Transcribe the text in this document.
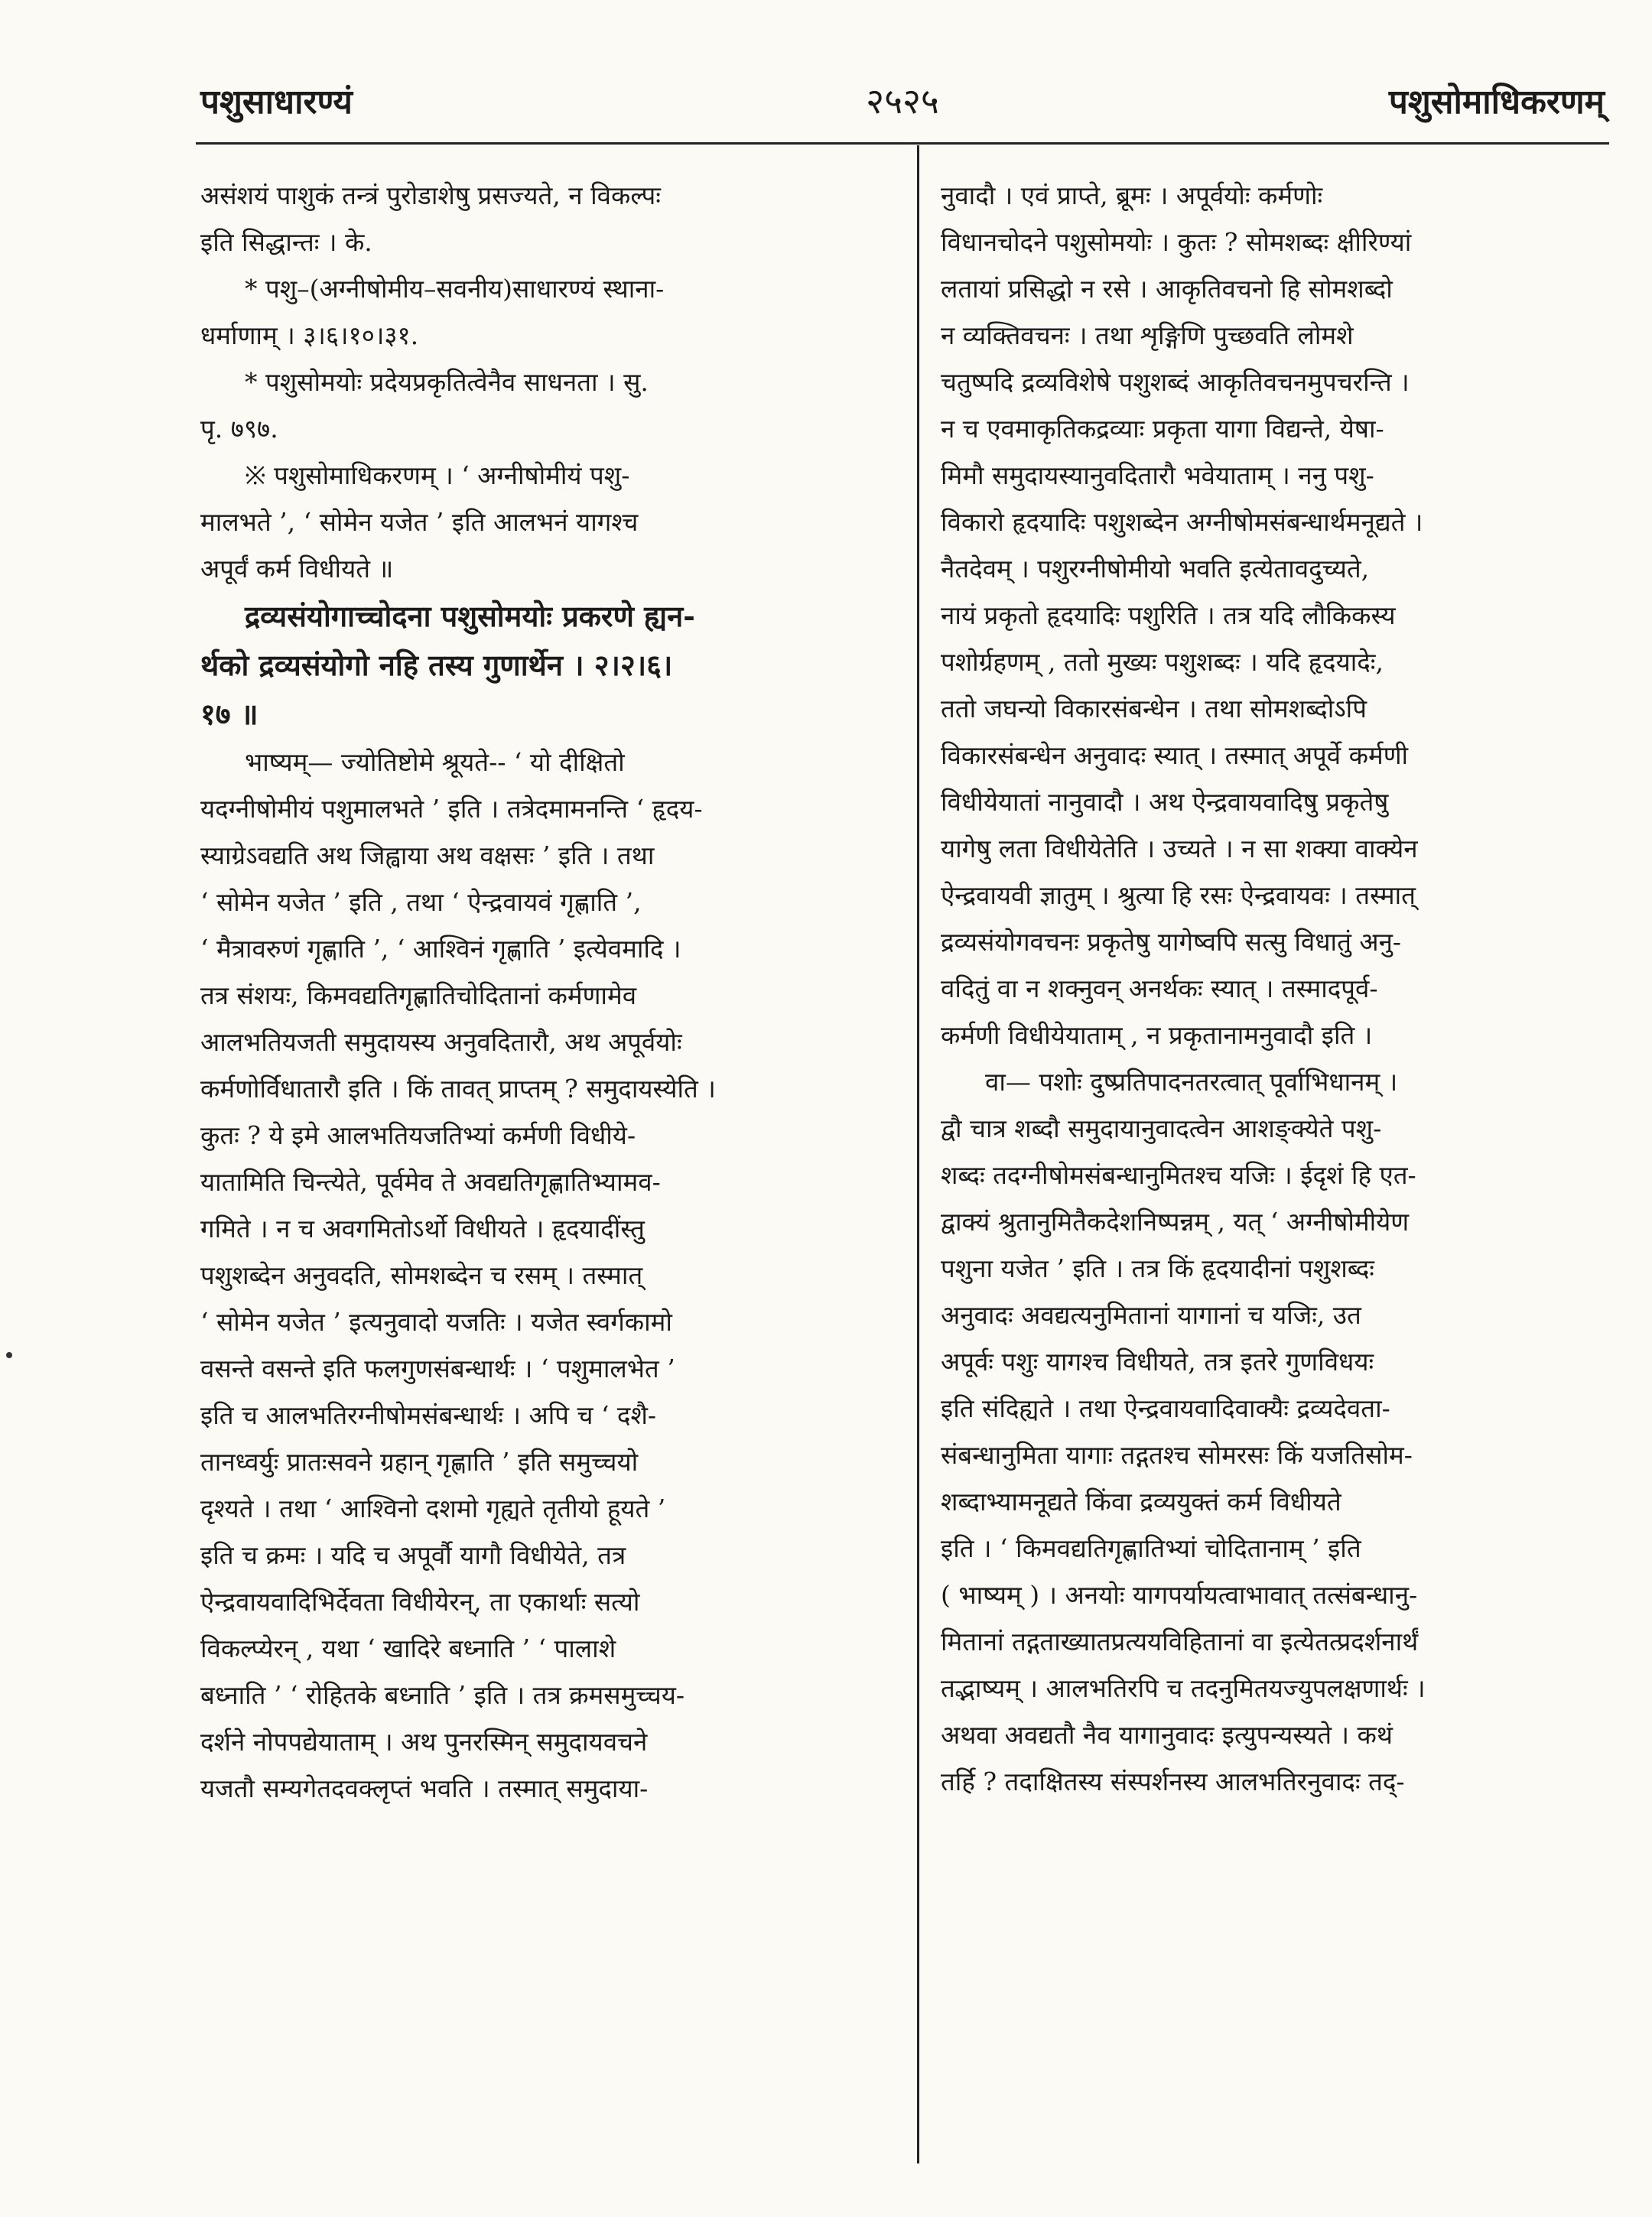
पशुसाधारण्यं	२५२५	पशुसोमाधिकरणम्
असंशयं पाशुकं तन्त्रं पुरोडाशेषु प्रसज्यते, न विकल्पः
इति सिद्धान्तः । के.
* पशु–(अग्नीषोमीय–सवनीय)साधारण्यं स्थाना-
धर्माणाम् । ३।६।१०।३१.
* पशुसोमयोः प्रदेयप्रकृतित्वेनैव साधनता । सु.
पृ. ७९७.
※ पशुसोमाधिकरणम् । ‘ अग्नीषोमीयं पशु-
मालभते ’, ‘ सोमेन यजेत ’ इति आलभनं यागश्च
अपूर्वं कर्म विधीयते ॥
द्रव्यसंयोगाच्चोदना पशुसोमयोः प्रकरणे ह्यन-
र्थको द्रव्यसंयोगो नहि तस्य गुणार्थेन । २।२।६।
१७ ॥
भाष्यम्— ज्योतिष्टोमे श्रूयते-- ‘ यो दीक्षितो
यदग्नीषोमीयं पशुमालभते ’ इति । तत्रेदमामनन्ति ‘ हृदय-
स्याग्रेऽवद्यति अथ जिह्वाया अथ वक्षसः ’ इति । तथा
‘ सोमेन यजेत ’ इति , तथा ‘ ऐन्द्रवायवं गृह्णाति ’,
‘ मैत्रावरुणं गृह्णाति ’, ‘ आश्विनं गृह्णाति ’ इत्येवमादि ।
तत्र संशयः, किमवद्यतिगृह्णातिचोदितानां कर्मणामेव
आलभतियजती समुदायस्य अनुवदितारौ, अथ अपूर्वयोः
कर्मणोर्विधातारौ इति । किं तावत् प्राप्तम् ? समुदायस्येति ।
कुतः ? ये इमे आलभतियजतिभ्यां कर्मणी विधीये-
यातामिति चिन्त्येते, पूर्वमेव ते अवद्यतिगृह्णातिभ्यामव-
गमिते । न च अवगमितोऽर्थो विधीयते । हृदयादींस्तु
पशुशब्देन अनुवदति, सोमशब्देन च रसम् । तस्मात्
‘ सोमेन यजेत ’ इत्यनुवादो यजतिः । यजेत स्वर्गकामो
वसन्ते वसन्ते इति फलगुणसंबन्धार्थः । ‘ पशुमालभेत ’
इति च आलभतिरग्नीषोमसंबन्धार्थः । अपि च ‘ दशै-
तानध्वर्युः प्रातःसवने ग्रहान् गृह्णाति ’ इति समुच्चयो
दृश्यते । तथा ‘ आश्विनो दशमो गृह्यते तृतीयो हूयते ’
इति च क्रमः । यदि च अपूर्वौ यागौ विधीयेते, तत्र
ऐन्द्रवायवादिभिर्देवता विधीयेरन्, ता एकार्थाः सत्यो
विकल्प्येरन् , यथा ‘ खादिरे बध्नाति ’ ‘ पालाशे
बध्नाति ’ ‘ रोहितके बध्नाति ’ इति । तत्र क्रमसमुच्चय-
दर्शने नोपपद्येयाताम् । अथ पुनरस्मिन् समुदायवचने
यजतौ सम्यगेतदवक्लृप्तं भवति । तस्मात् समुदाया-
नुवादौ । एवं प्राप्ते, ब्रूमः । अपूर्वयोः कर्मणोः
विधानचोदने पशुसोमयोः । कुतः ? सोमशब्दः क्षीरिण्यां
लतायां प्रसिद्धो न रसे । आकृतिवचनो हि सोमशब्दो
न व्यक्तिवचनः । तथा शृङ्गिणि पुच्छवति लोमशे
चतुष्पदि द्रव्यविशेषे पशुशब्दं आकृतिवचनमुपचरन्ति ।
न च एवमाकृतिकद्रव्याः प्रकृता यागा विद्यन्ते, येषा-
मिमौ समुदायस्यानुवदितारौ भवेयाताम् । ननु पशु-
विकारो हृदयादिः पशुशब्देन अग्नीषोमसंबन्धार्थमनूद्यते ।
नैतदेवम् । पशुरग्नीषोमीयो भवति इत्येतावदुच्यते,
नायं प्रकृतो हृदयादिः पशुरिति । तत्र यदि लौकिकस्य
पशोर्ग्रहणम् , ततो मुख्यः पशुशब्दः । यदि हृदयादेः,
ततो जघन्यो विकारसंबन्धेन । तथा सोमशब्दोऽपि
विकारसंबन्धेन अनुवादः स्यात् । तस्मात् अपूर्वे कर्मणी
विधीयेयातां नानुवादौ । अथ ऐन्द्रवायवादिषु प्रकृतेषु
यागेषु लता विधीयेतेति । उच्यते । न सा शक्या वाक्येन
ऐन्द्रवायवी ज्ञातुम् । श्रुत्या हि रसः ऐन्द्रवायवः । तस्मात्
द्रव्यसंयोगवचनः प्रकृतेषु यागेष्वपि सत्सु विधातुं अनु-
वदितुं वा न शक्नुवन् अनर्थकः स्यात् । तस्मादपूर्व-
कर्मणी विधीयेयाताम् , न प्रकृतानामनुवादौ इति ।
वा— पशोः दुष्प्रतिपादनतरत्वात् पूर्वाभिधानम् ।
द्वौ चात्र शब्दौ समुदायानुवादत्वेन आशङ्क्येते पशु-
शब्दः तदग्नीषोमसंबन्धानुमितश्च यजिः । ईदृशं हि एत-
द्वाक्यं श्रुतानुमितैकदेशनिष्पन्नम् , यत् ‘ अग्नीषोमीयेण
पशुना यजेत ’ इति । तत्र किं हृदयादीनां पशुशब्दः
अनुवादः अवद्यत्यनुमितानां यागानां च यजिः, उत
अपूर्वः पशुः यागश्च विधीयते, तत्र इतरे गुणविधयः
इति संदिह्यते । तथा ऐन्द्रवायवादिवाक्यैः द्रव्यदेवता-
संबन्धानुमिता यागाः तद्गतश्च सोमरसः किं यजतिसोम-
शब्दाभ्यामनूद्यते किंवा द्रव्ययुक्तं कर्म विधीयते
इति । ‘ किमवद्यतिगृह्णातिभ्यां चोदितानाम् ’ इति
( भाष्यम् ) । अनयोः यागपर्यायत्वाभावात् तत्संबन्धानु-
मितानां तद्गताख्यातप्रत्ययविहितानां वा इत्येतत्प्रदर्शनार्थं
तद्भाष्यम् । आलभतिरपि च तदनुमितयज्युपलक्षणार्थः ।
अथवा अवद्यतौ नैव यागानुवादः इत्युपन्यस्यते । कथं
तर्हि ? तदाक्षितस्य संस्पर्शनस्य आलभतिरनुवादः तद्-
